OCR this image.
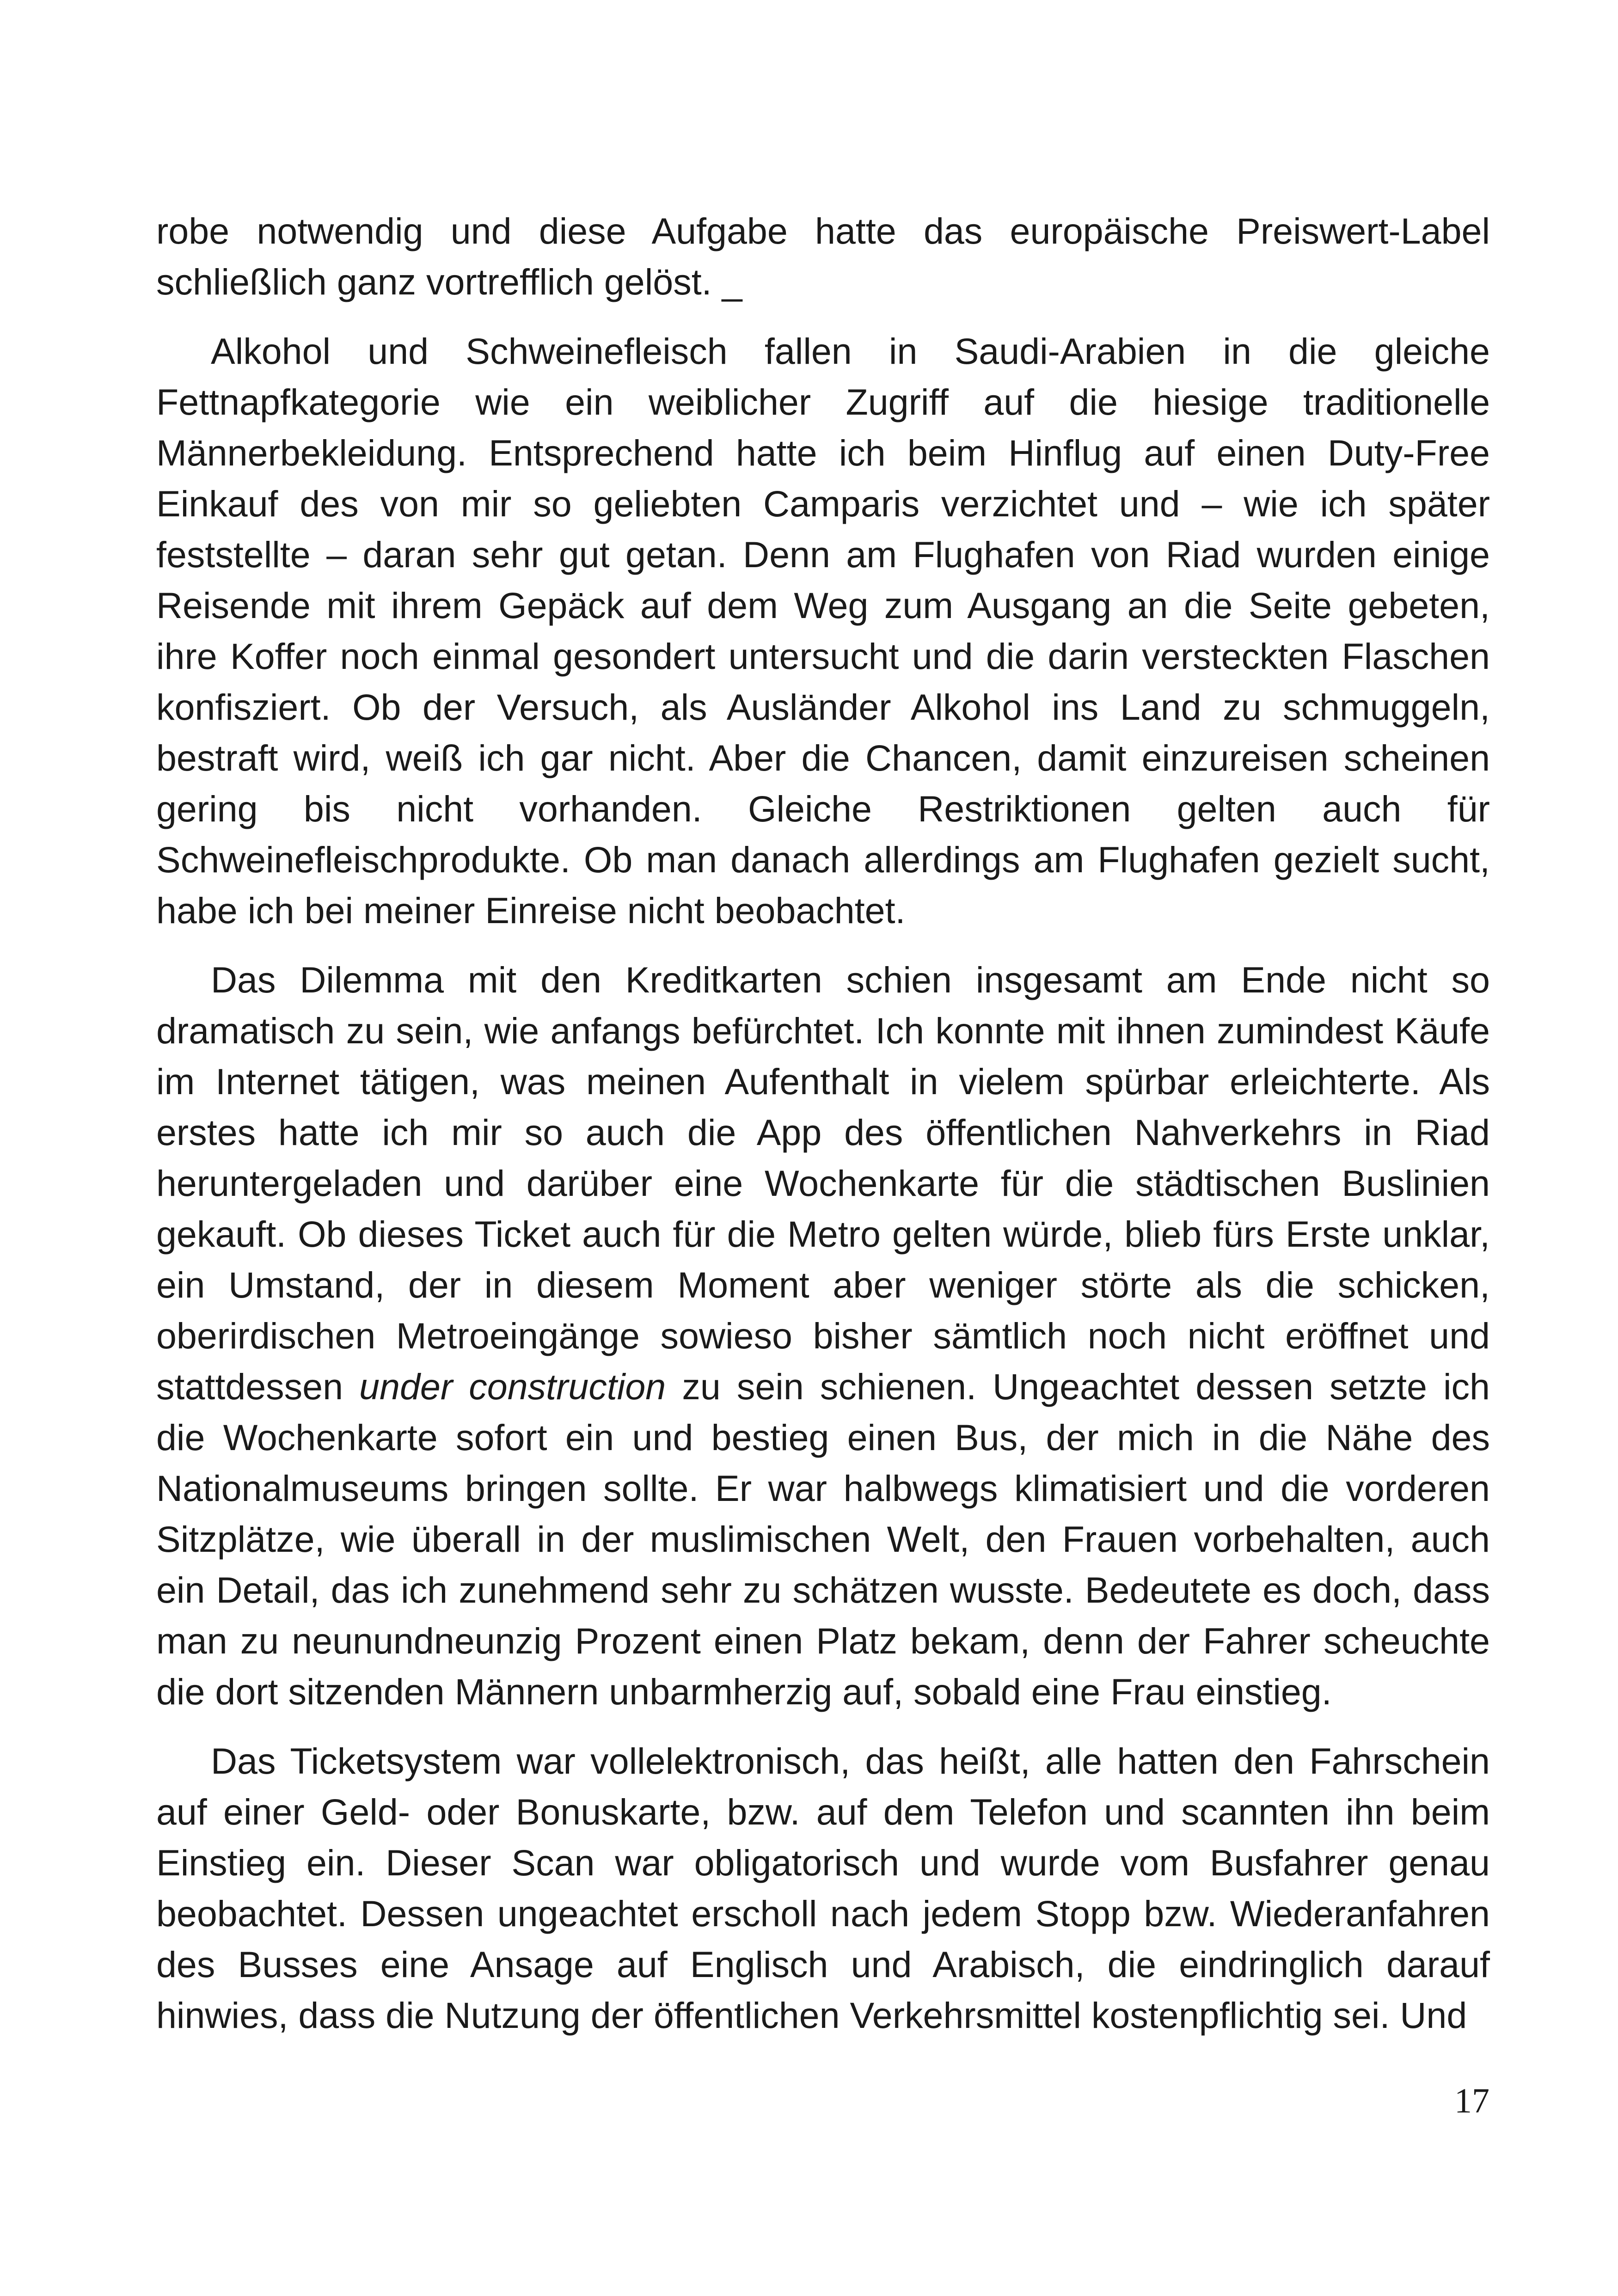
robe notwendig und diese Aufgabe hatte das europäische Preiswert-Label schließlich ganz vortrefflich gelöst. _

Alkohol und Schweinefleisch fallen in Saudi-Arabien in die gleiche Fettnapfkategorie wie ein weiblicher Zugriff auf die hiesige traditionelle Männerbekleidung. Entsprechend hatte ich beim Hinflug auf einen Duty-Free Einkauf des von mir so geliebten Camparis verzichtet und – wie ich später feststellte – daran sehr gut getan. Denn am Flughafen von Riad wurden einige Reisende mit ihrem Gepäck auf dem Weg zum Ausgang an die Seite gebeten, ihre Koffer noch einmal gesondert untersucht und die darin versteckten Flaschen konfisziert. Ob der Versuch, als Ausländer Alkohol ins Land zu schmuggeln, bestraft wird, weiß ich gar nicht. Aber die Chancen, damit einzureisen scheinen gering bis nicht vorhanden. Gleiche Restriktionen gelten auch für Schweinefleischprodukte. Ob man danach allerdings am Flughafen gezielt sucht, habe ich bei meiner Einreise nicht beobachtet.

Das Dilemma mit den Kreditkarten schien insgesamt am Ende nicht so dramatisch zu sein, wie anfangs befürchtet. Ich konnte mit ihnen zumindest Käufe im Internet tätigen, was meinen Aufenthalt in vielem spürbar erleichterte. Als erstes hatte ich mir so auch die App des öffentlichen Nahverkehrs in Riad heruntergeladen und darüber eine Wochenkarte für die städtischen Buslinien gekauft. Ob dieses Ticket auch für die Metro gelten würde, blieb fürs Erste unklar, ein Umstand, der in diesem Moment aber weniger störte als die schicken, oberirdischen Metroeingänge sowieso bisher sämtlich noch nicht eröffnet und stattdessen under construction zu sein schienen. Ungeachtet dessen setzte ich die Wochenkarte sofort ein und bestieg einen Bus, der mich in die Nähe des Nationalmuseums bringen sollte. Er war halbwegs klimatisiert und die vorderen Sitzplätze, wie überall in der muslimischen Welt, den Frauen vorbehalten, auch ein Detail, das ich zunehmend sehr zu schätzen wusste. Bedeutete es doch, dass man zu neunundneunzig Prozent einen Platz bekam, denn der Fahrer scheuchte die dort sitzenden Männern unbarmherzig auf, sobald eine Frau einstieg.

Das Ticketsystem war vollelektronisch, das heißt, alle hatten den Fahrschein auf einer Geld- oder Bonuskarte, bzw. auf dem Telefon und scannten ihn beim Einstieg ein. Dieser Scan war obligatorisch und wurde vom Busfahrer genau beobachtet. Dessen ungeachtet erscholl nach jedem Stopp bzw. Wiederanfahren des Busses eine Ansage auf Englisch und Arabisch, die eindringlich darauf hinwies, dass die Nutzung der öffentlichen Verkehrsmittel kostenpflichtig sei. Und

17
